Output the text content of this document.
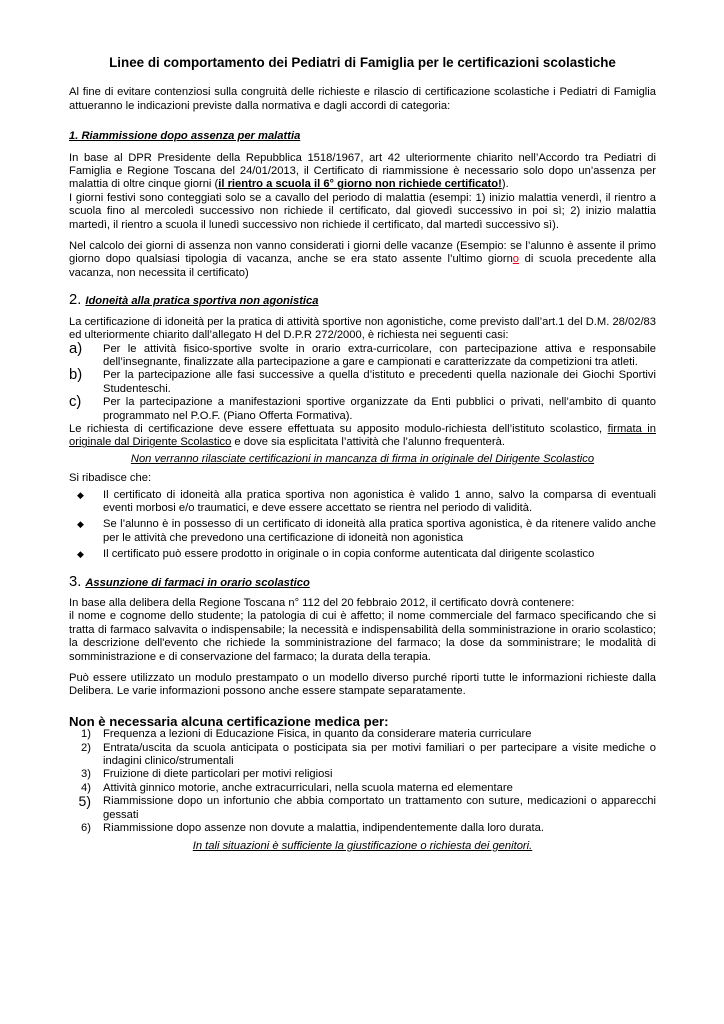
Linee di comportamento dei Pediatri di Famiglia per le certificazioni scolastiche

Al fine di evitare contenziosi sulla congruità delle richieste e rilascio di certificazione scolastiche i Pediatri di Famiglia attueranno le indicazioni previste dalla normativa e dagli accordi di categoria:

1. Riammissione dopo assenza per malattia

In base al DPR Presidente della Repubblica 1518/1967, art 42 ulteriormente chiarito nell’Accordo tra Pediatri di Famiglia e Regione Toscana del 24/01/2013, il Certificato di riammissione è necessario solo dopo un’assenza per malattia di oltre cinque giorni (il rientro a scuola il 6° giorno non richiede certificato!).

I giorni festivi sono conteggiati solo se a cavallo del periodo di malattia (esempi: 1) inizio malattia venerdì, il rientro a scuola fino al mercoledì successivo non richiede il certificato, dal giovedì successivo in poi sì; 2) inizio malattia martedì, il rientro a scuola il lunedì successivo non richiede il certificato, dal martedì successivo sì).

Nel calcolo dei giorni di assenza non vanno considerati i giorni delle vacanze (Esempio: se l’alunno è assente il primo giorno dopo qualsiasi tipologia di vacanza, anche se era stato assente l’ultimo giorno di scuola precedente alla vacanza, non necessita il certificato)

2. Idoneità alla pratica sportiva non agonistica

La certificazione di idoneità per la pratica di attività sportive non agonistiche, come previsto dall’art.1 del D.M. 28/02/83 ed ulteriormente chiarito dall’allegato H del D.P.R 272/2000, è richiesta nei seguenti casi:

a)	Per le attività fisico-sportive svolte in orario extra-curricolare, con partecipazione attiva e responsabile dell’insegnante, finalizzate alla partecipazione a gare e campionati e caratterizzate da competizioni tra atleti.
b)	Per la partecipazione alle fasi successive a quella d’istituto e precedenti quella nazionale dei Giochi Sportivi Studenteschi.
c)	Per la partecipazione a manifestazioni sportive organizzate da Enti pubblici o privati, nell’ambito di quanto programmato nel P.O.F. (Piano Offerta Formativa).

Le richiesta di certificazione deve essere effettuata su apposito modulo-richiesta dell’istituto scolastico, firmata in originale dal Dirigente Scolastico e dove sia esplicitata l’attività che l’alunno frequenterà.

Non verranno rilasciate certificazioni in mancanza di firma in originale del Dirigente Scolastico

Si ribadisce che:

◆	Il certificato di idoneità alla pratica sportiva non agonistica è valido 1 anno, salvo la comparsa di eventuali eventi morbosi e/o traumatici, e deve essere accettato se rientra nel periodo di validità.
◆	Se l’alunno è in possesso di un certificato di idoneità alla pratica sportiva agonistica, è da ritenere valido anche per le attività che prevedono una certificazione di idoneità non agonistica
◆	Il certificato può essere prodotto in originale o in copia conforme autenticata dal dirigente scolastico
3. Assunzione di farmaci in orario scolastico

In base alla delibera della Regione Toscana n° 112 del 20 febbraio 2012, il certificato dovrà contenere:

il nome e cognome dello studente; la patologia di cui è affetto; il nome commerciale del farmaco specificando che si tratta di farmaco salvavita o indispensabile; la necessità e indispensabilità della somministrazione in orario scolastico; la descrizione dell'evento che richiede la somministrazione del farmaco; la dose da somministrare; le modalità di somministrazione e di conservazione del farmaco; la durata della terapia.

Può essere utilizzato un modulo prestampato o un modello diverso purché riporti tutte le informazioni richieste dalla Delibera. Le varie informazioni possono anche essere stampate separatamente.

Non è necessaria alcuna certificazione medica per:
1)	Frequenza a lezioni di Educazione Fisica, in quanto da considerare materia curriculare
2)	Entrata/uscita da scuola anticipata o posticipata sia per motivi familiari o per partecipare a visite mediche o indagini clinico/strumentali
3)	Fruizione di diete particolari per motivi religiosi
4)	Attività ginnico motorie, anche extracurriculari, nella scuola materna ed elementare
5)	Riammissione dopo un infortunio che abbia comportato un trattamento con suture, medicazioni o apparecchi gessati
6)	Riammissione dopo assenze non dovute a malattia, indipendentemente dalla loro durata.
In tali situazioni è sufficiente la giustificazione o richiesta dei genitori.
